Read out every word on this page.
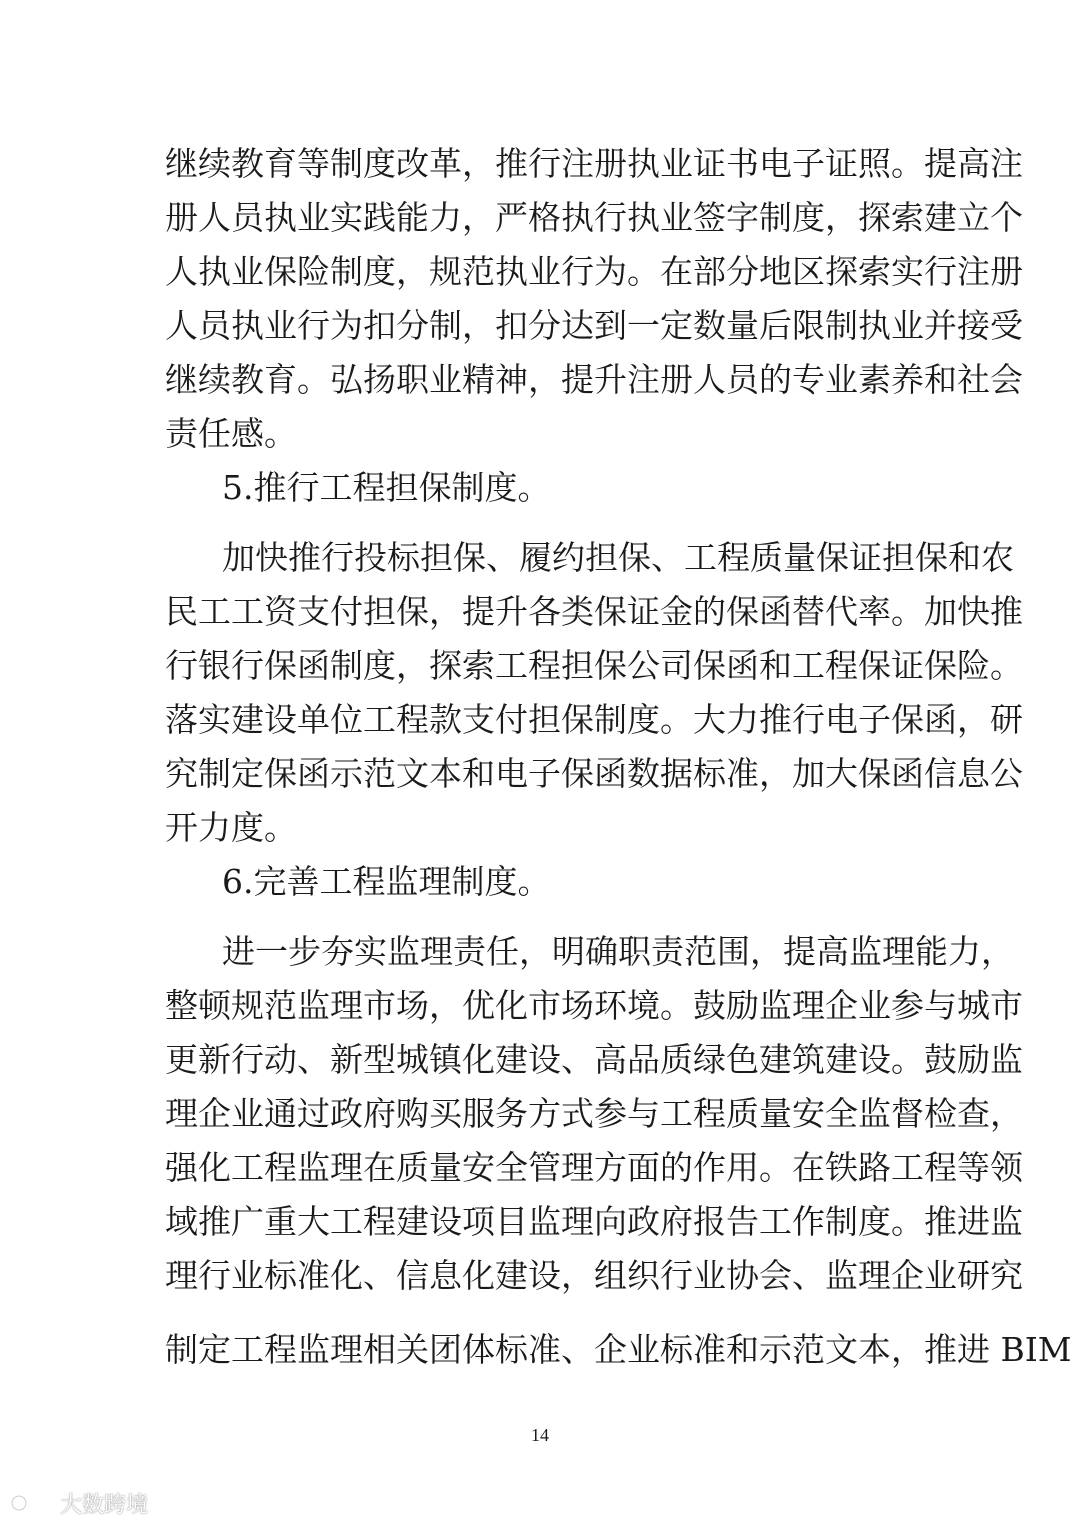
继续教育等制度改革，推行注册执业证书电子证照。提高注
册人员执业实践能力，严格执行执业签字制度，探索建立个
人执业保险制度，规范执业行为。在部分地区探索实行注册
人员执业行为扣分制，扣分达到一定数量后限制执业并接受
继续教育。弘扬职业精神，提升注册人员的专业素养和社会
责任感。
5.推行工程担保制度。
加快推行投标担保、履约担保、工程质量保证担保和农
民工工资支付担保，提升各类保证金的保函替代率。加快推
行银行保函制度，探索工程担保公司保函和工程保证保险。
落实建设单位工程款支付担保制度。大力推行电子保函，研
究制定保函示范文本和电子保函数据标准，加大保函信息公
开力度。
6.完善工程监理制度。
进一步夯实监理责任，明确职责范围，提高监理能力，
整顿规范监理市场，优化市场环境。鼓励监理企业参与城市
更新行动、新型城镇化建设、高品质绿色建筑建设。鼓励监
理企业通过政府购买服务方式参与工程质量安全监督检查，
强化工程监理在质量安全管理方面的作用。在铁路工程等领
域推广重大工程建设项目监理向政府报告工作制度。推进监
理行业标准化、信息化建设，组织行业协会、监理企业研究
制定工程监理相关团体标准、企业标准和示范文本，推进 BIM
14
大数跨境
